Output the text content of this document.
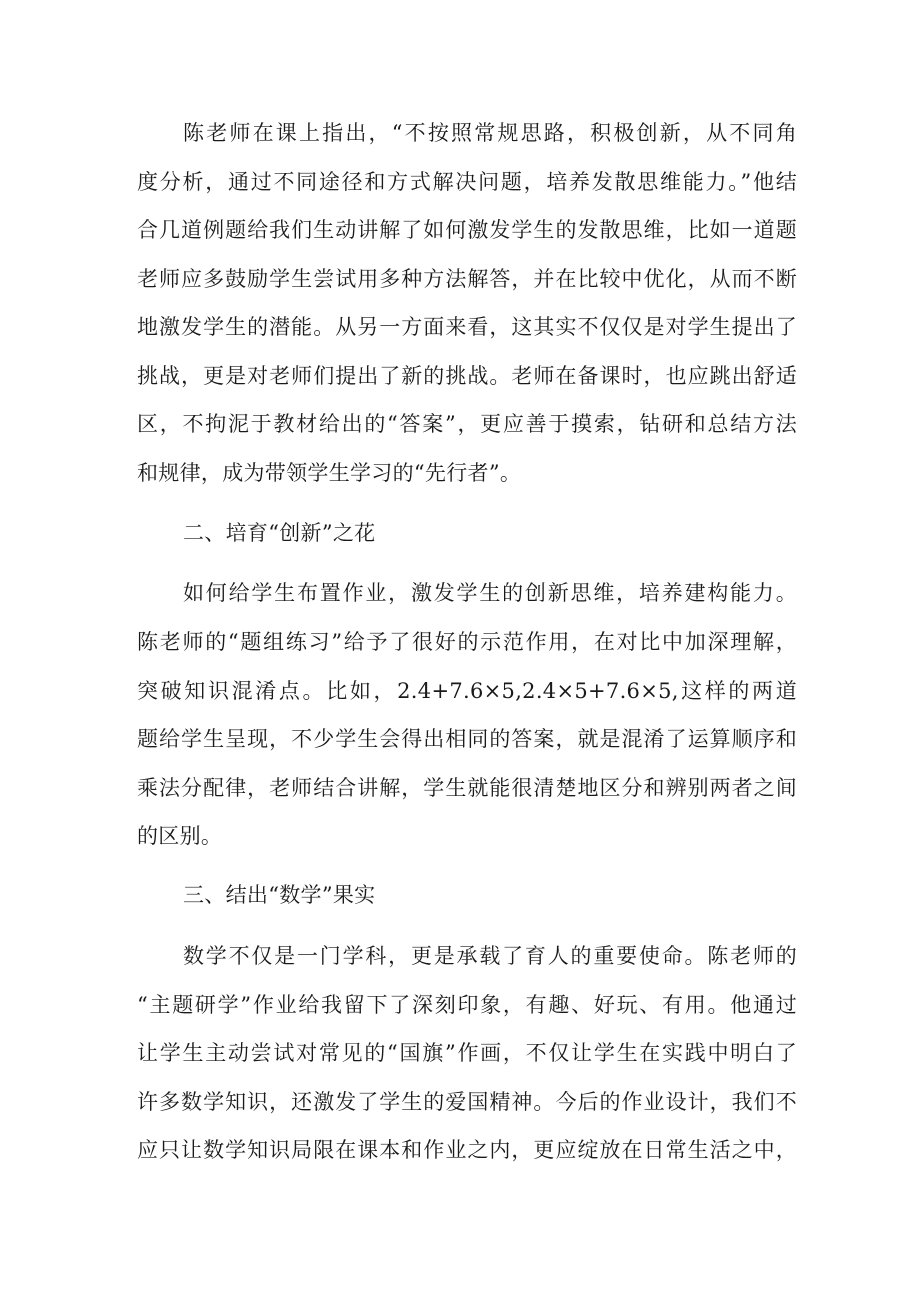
陈老师在课上指出，“不按照常规思路，积极创新，从不同角
度分析，通过不同途径和方式解决问题，培养发散思维能力。”他结
合几道例题给我们生动讲解了如何激发学生的发散思维，比如一道题
老师应多鼓励学生尝试用多种方法解答，并在比较中优化，从而不断
地激发学生的潜能。从另一方面来看，这其实不仅仅是对学生提出了
挑战，更是对老师们提出了新的挑战。老师在备课时，也应跳出舒适
区，不拘泥于教材给出的“答案”，更应善于摸索，钻研和总结方法
和规律，成为带领学生学习的“先行者”。
二、培育“创新”之花
如何给学生布置作业，激发学生的创新思维，培养建构能力。
陈老师的“题组练习”给予了很好的示范作用，在对比中加深理解，
突破知识混淆点。比如，2.4+7.6×5,2.4×5+7.6×5,这样的两道
题给学生呈现，不少学生会得出相同的答案，就是混淆了运算顺序和
乘法分配律，老师结合讲解，学生就能很清楚地区分和辨别两者之间
的区别。
三、结出“数学”果实
数学不仅是一门学科，更是承载了育人的重要使命。陈老师的
“主题研学”作业给我留下了深刻印象，有趣、好玩、有用。他通过
让学生主动尝试对常见的“国旗”作画，不仅让学生在实践中明白了
许多数学知识，还激发了学生的爱国精神。今后的作业设计，我们不
应只让数学知识局限在课本和作业之内，更应绽放在日常生活之中，
